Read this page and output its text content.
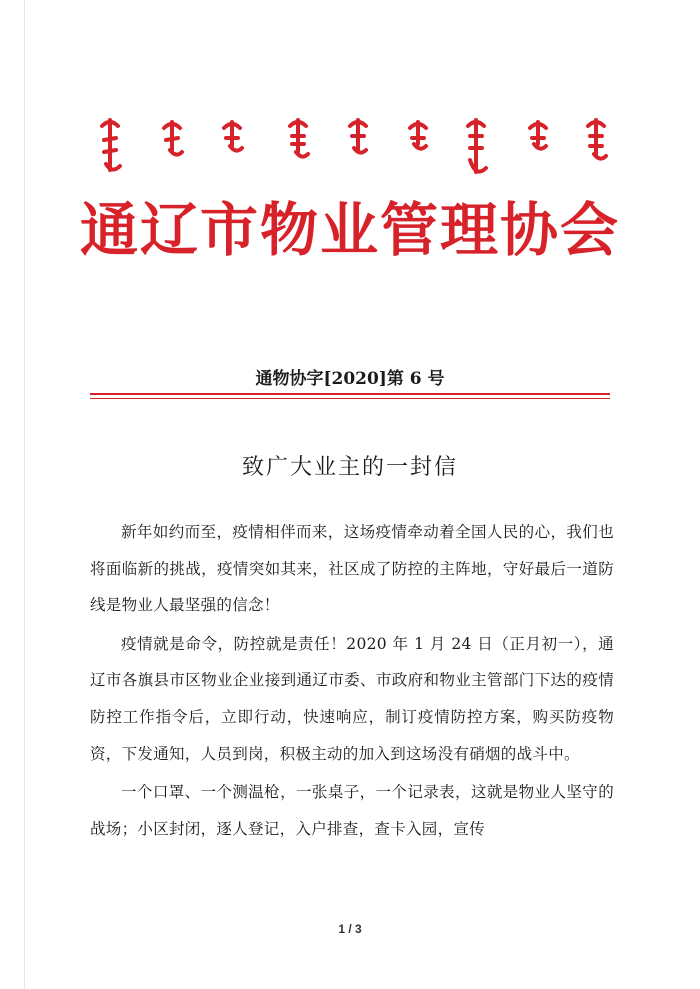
通辽市物业管理协会
通物协字[2020]第 6 号
致广大业主的一封信

新年如约而至，疫情相伴而来，这场疫情牵动着全国人民的心，我们也将面临新的挑战，疫情突如其来，社区成了防控的主阵地，守好最后一道防线是物业人最坚强的信念！

疫情就是命令，防控就是责任！2020 年 1 月 24 日（正月初一），通辽市各旗县市区物业企业接到通辽市委、市政府和物业主管部门下达的疫情防控工作指令后，立即行动，快速响应，制订疫情防控方案，购买防疫物资，下发通知，人员到岗，积极主动的加入到这场没有硝烟的战斗中。

一个口罩、一个测温枪，一张桌子，一个记录表，这就是物业人坚守的战场；小区封闭，逐人登记，入户排查，查卡入园，宣传

1 / 3
